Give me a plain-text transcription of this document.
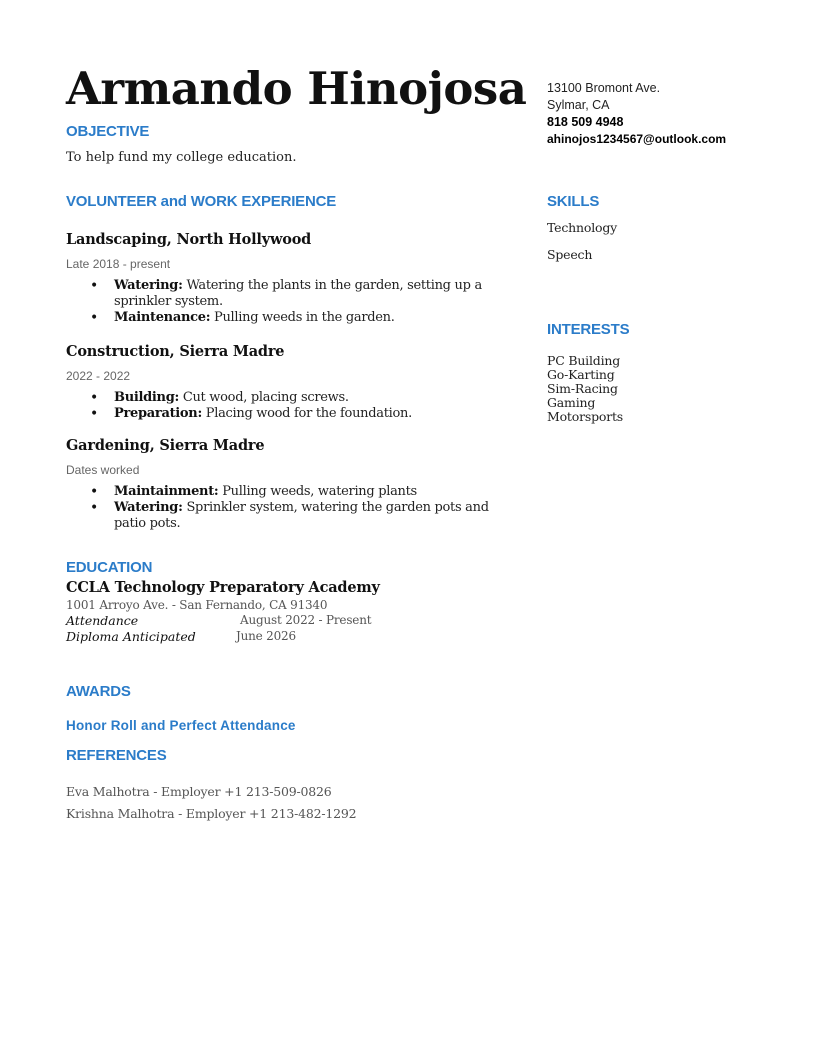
Armando Hinojosa 13100 Bromont Ave.
Sylmar, CA
818 509 4948
ahinojos1234567@outlook.com
OBJECTIVE
To help fund my college education.
VOLUNTEER and WORK EXPERIENCE
Landscaping, North Hollywood
Late 2018 - present
• Watering: Watering the plants in the garden, setting up a sprinkler system.
• Maintenance: Pulling weeds in the garden.
Construction, Sierra Madre
2022 - 2022
• Building: Cut wood, placing screws.
• Preparation: Placing wood for the foundation.
Gardening, Sierra Madre
Dates worked
• Maintainment: Pulling weeds, watering plants
• Watering: Sprinkler system, watering the garden pots and patio pots.
EDUCATION
CCLA Technology Preparatory Academy
1001 Arroyo Ave. - San Fernando, CA 91340
Attendance	August 2022 - Present
Diploma Anticipated	June 2026
AWARDS
Honor Roll and Perfect Attendance
REFERENCES
Eva Malhotra - Employer +1 213-509-0826
Krishna Malhotra - Employer +1 213-482-1292
SKILLS
Technology
Speech
INTERESTS
PC Building
Go-Karting
Sim-Racing
Gaming
Motorsports
